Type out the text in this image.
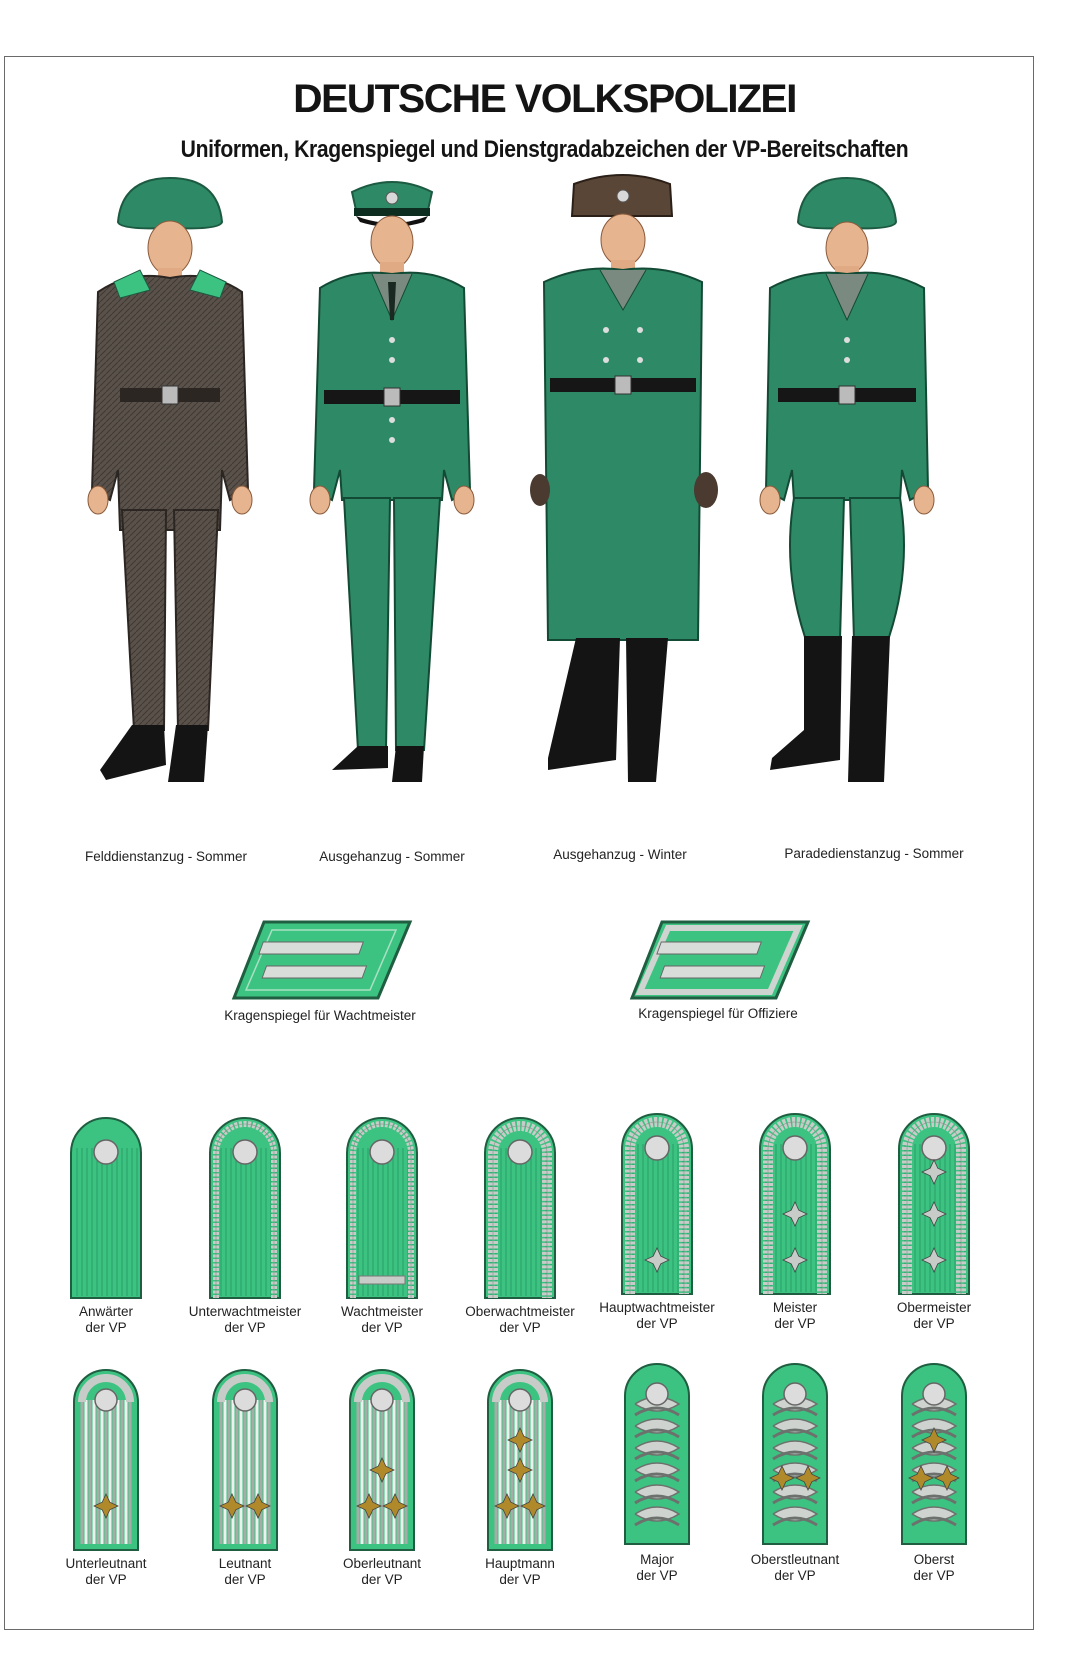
DEUTSCHE VOLKSPOLIZEI
Uniformen, Kragenspiegel und Dienstgradabzeichen der VP-Bereitschaften
Felddienstanzug - Sommer	Ausgehanzug - Sommer	Ausgehanzug - Winter	Paradedienstanzug - Sommer
Kragenspiegel für Wachtmeister	Kragenspiegel für Offiziere
Anwärter
der VP
Unterwachtmeister
der VP
Wachtmeister
der VP
Oberwachtmeister
der VP
Hauptwachtmeister
der VP
Meister
der VP
Obermeister
der VP
Unterleutnant
der VP
Leutnant
der VP
Oberleutnant
der VP
Hauptmann
der VP
Major
der VP
Oberstleutnant
der VP
Oberst
der VP
